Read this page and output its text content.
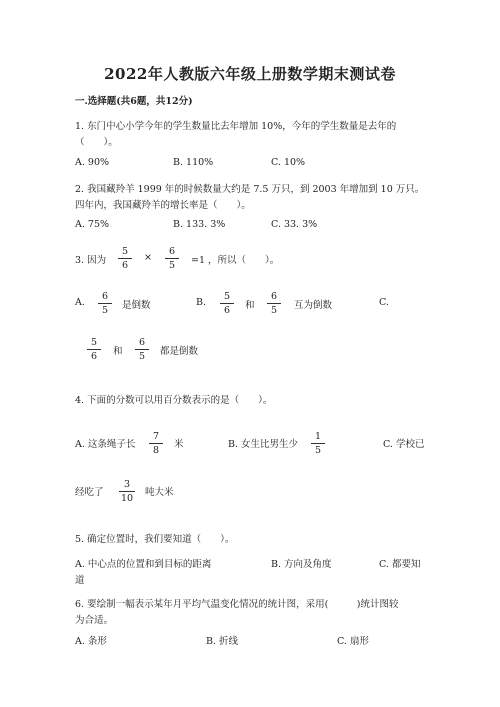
2022年人教版六年级上册数学期末测试卷
一.选择题(共6题，共12分)
1. 东门中心小学今年的学生数量比去年增加 10%，今年的学生数量是去年的
（　　）。
A. 90%	B. 110%	C. 10%
2. 我国藏羚羊 1999 年的时候数量大约是 7.5 万只，到 2003 年增加到 10 万只。
四年内，我国藏羚羊的增长率是（　　）。
A. 75%	B. 133. 3%	C. 33. 3%
3. 因为 $\frac{5}{6} \times \frac{6}{5} =1$ ，所以（　　）。
A. $\frac{6}{5}$ 是倒数	B. $\frac{5}{6}$ 和 $\frac{6}{5}$ 互为倒数	C.
$\frac{5}{6}$ 和 $\frac{6}{5}$ 都是倒数
4. 下面的分数可以用百分数表示的是（　　）。
A. 这条绳子长 $\frac{7}{8}$ 米	B. 女生比男生少 $\frac{1}{5}$	C. 学校已
经吃了 $\frac{3}{10}$ 吨大米
5. 确定位置时，我们要知道（　　）。
A. 中心点的位置和到目标的距离	B. 方向及角度	C. 都要知
道
6. 要绘制一幅表示某年月平均气温变化情况的统计图，采用(　　　)统计图较
为合适。
A. 条形	B. 折线	C. 扇形
